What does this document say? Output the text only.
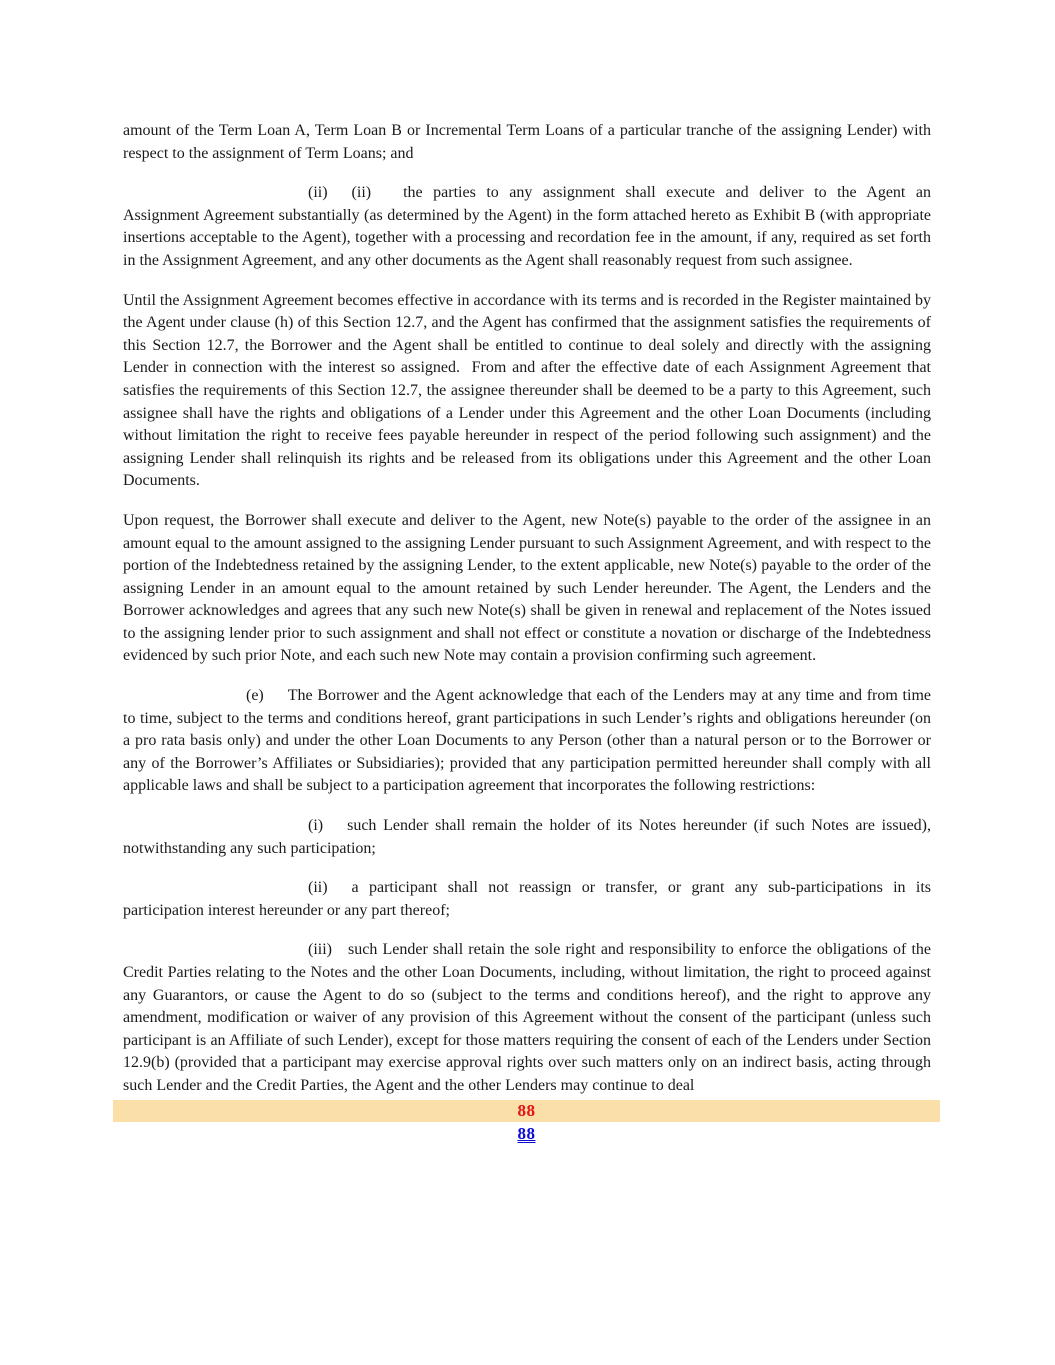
amount of the Term Loan A, Term Loan B or Incremental Term Loans of a particular tranche of the assigning Lender) with respect to the assignment of Term Loans; and

(ii)  (ii)  the parties to any assignment shall execute and deliver to the Agent an Assignment Agreement substantially (as determined by the Agent) in the form attached hereto as Exhibit B (with appropriate insertions acceptable to the Agent), together with a processing and recordation fee in the amount, if any, required as set forth in the Assignment Agreement, and any other documents as the Agent shall reasonably request from such assignee.

Until the Assignment Agreement becomes effective in accordance with its terms and is recorded in the Register maintained by the Agent under clause (h) of this Section 12.7, and the Agent has confirmed that the assignment satisfies the requirements of this Section 12.7, the Borrower and the Agent shall be entitled to continue to deal solely and directly with the assigning Lender in connection with the interest so assigned.  From and after the effective date of each Assignment Agreement that satisfies the requirements of this Section 12.7, the assignee thereunder shall be deemed to be a party to this Agreement, such assignee shall have the rights and obligations of a Lender under this Agreement and the other Loan Documents (including without limitation the right to receive fees payable hereunder in respect of the period following such assignment) and the assigning Lender shall relinquish its rights and be released from its obligations under this Agreement and the other Loan Documents.

Upon request, the Borrower shall execute and deliver to the Agent, new Note(s) payable to the order of the assignee in an amount equal to the amount assigned to the assigning Lender pursuant to such Assignment Agreement, and with respect to the portion of the Indebtedness retained by the assigning Lender, to the extent applicable, new Note(s) payable to the order of the assigning Lender in an amount equal to the amount retained by such Lender hereunder. The Agent, the Lenders and the Borrower acknowledges and agrees that any such new Note(s) shall be given in renewal and replacement of the Notes issued to the assigning lender prior to such assignment and shall not effect or constitute a novation or discharge of the Indebtedness evidenced by such prior Note, and each such new Note may contain a provision confirming such agreement.

(e)  The Borrower and the Agent acknowledge that each of the Lenders may at any time and from time to time, subject to the terms and conditions hereof, grant participations in such Lender’s rights and obligations hereunder (on a pro rata basis only) and under the other Loan Documents to any Person (other than a natural person or to the Borrower or any of the Borrower’s Affiliates or Subsidiaries); provided that any participation permitted hereunder shall comply with all applicable laws and shall be subject to a participation agreement that incorporates the following restrictions:

(i)  such Lender shall remain the holder of its Notes hereunder (if such Notes are issued), notwithstanding any such participation;

(ii)  a participant shall not reassign or transfer, or grant any sub-participations in its participation interest hereunder or any part thereof;

(iii) such Lender shall retain the sole right and responsibility to enforce the obligations of the Credit Parties relating to the Notes and the other Loan Documents, including, without limitation, the right to proceed against any Guarantors, or cause the Agent to do so (subject to the terms and conditions hereof), and the right to approve any amendment, modification or waiver of any provision of this Agreement without the consent of the participant (unless such participant is an Affiliate of such Lender), except for those matters requiring the consent of each of the Lenders under Section 12.9(b) (provided that a participant may exercise approval rights over such matters only on an indirect basis, acting through such Lender and the Credit Parties, the Agent and the other Lenders may continue to deal

88
88
